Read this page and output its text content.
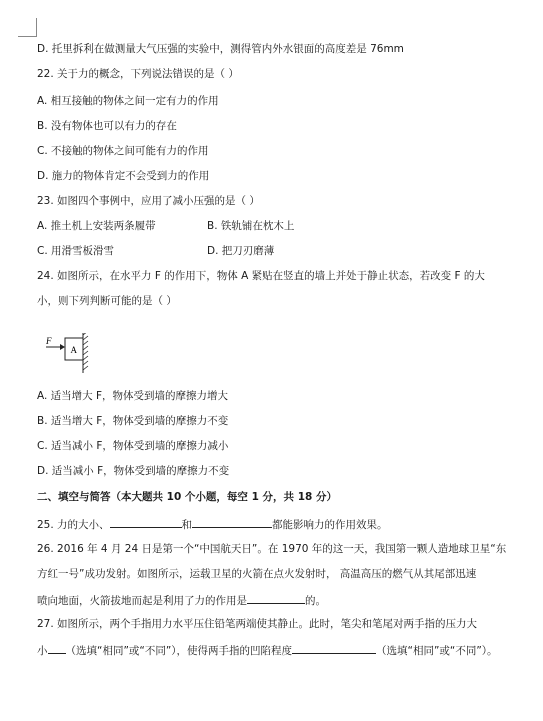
D. 托里拆利在做测量大气压强的实验中，测得管内外水银面的高度差是 76mm
22. 关于力的概念，下列说法错误的是（ ）
A. 相互接触的物体之间一定有力的作用
B. 没有物体也可以有力的存在
C. 不接触的物体之间可能有力的作用
D. 施力的物体肯定不会受到力的作用
23. 如图四个事例中，应用了减小压强的是（ ）
A. 推土机上安装两条履带	B. 铁轨铺在枕木上
C. 用滑雪板滑雪	D. 把刀刃磨薄
24. 如图所示，在水平力 F 的作用下，物体 A 紧贴在竖直的墙上并处于静止状态，若改变 F 的大
小，则下列判断可能的是（ ）
F
A
A. 适当增大 F，物体受到墙的摩擦力增大
B. 适当增大 F，物体受到墙的摩擦力不变
C. 适当减小 F，物体受到墙的摩擦力减小
D. 适当减小 F，物体受到墙的摩擦力不变
二、填空与简答（本大题共 10 个小题，每空 1 分，共 18 分）
25. 力的大小、	和	都能影响力的作用效果。
26. 2016 年 4 月 24 日是第一个“中国航天日”。在 1970 年的这一天，我国第一颗人造地球卫星“东
方红一号”成功发射。如图所示，运载卫星的火箭在点火发射时， 高温高压的燃气从其尾部迅速
喷向地面，火箭拔地而起是利用了力的作用是	的。
27. 如图所示，两个手指用力水平压住铅笔两端使其静止。此时，笔尖和笔尾对两手指的压力大
小 （选填“相同”或“不同”），使得两手指的凹陷程度	（选填“相同”或“不同”）。
